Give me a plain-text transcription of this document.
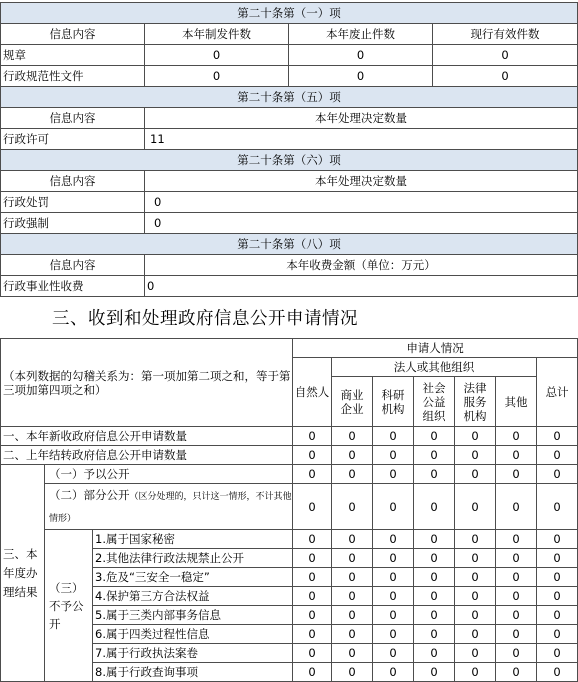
第二十条第（一）项			
信息内容	本年制发件数	本年废止件数	现行有效件数
规章	0	0	0
行政规范性文件	0	0	0
第二十条第（五）项			
信息内容	本年处理决定数量		
行政许可	11		
第二十条第（六）项			
信息内容	本年处理决定数量		
行政处罚	0		
行政强制	0		
第二十条第（八）项			
信息内容	本年收费金额（单位：万元）		
行政事业性收费	0		
三、收到和处理政府信息公开申请情况
（本列数据的勾稽关系为：第一项加第二项之和，等于第三项加第四项之和）			申请人情况						
			自然人	法人或其他组织					总计
				商业企业	科研机构	社会公益组织	法律服务机构	其他	
一、本年新收政府信息公开申请数量			0	0	0	0	0	0	0
二、上年结转政府信息公开申请数量			0	0	0	0	0	0	0
三、本年度办理结果	（一）予以公开		0	0	0	0	0	0	0
	（二）部分公开（区分处理的，只计这一情形，不计其他情形）		0	0	0	0	0	0	0
	（三）不予公开	1.属于国家秘密	0	0	0	0	0	0	0
		2.其他法律行政法规禁止公开	0	0	0	0	0	0	0
		3.危及“三安全一稳定”	0	0	0	0	0	0	0
		4.保护第三方合法权益	0	0	0	0	0	0	0
		5.属于三类内部事务信息	0	0	0	0	0	0	0
		6.属于四类过程性信息	0	0	0	0	0	0	0
		7.属于行政执法案卷	0	0	0	0	0	0	0
		8.属于行政查询事项	0	0	0	0	0	0	0
